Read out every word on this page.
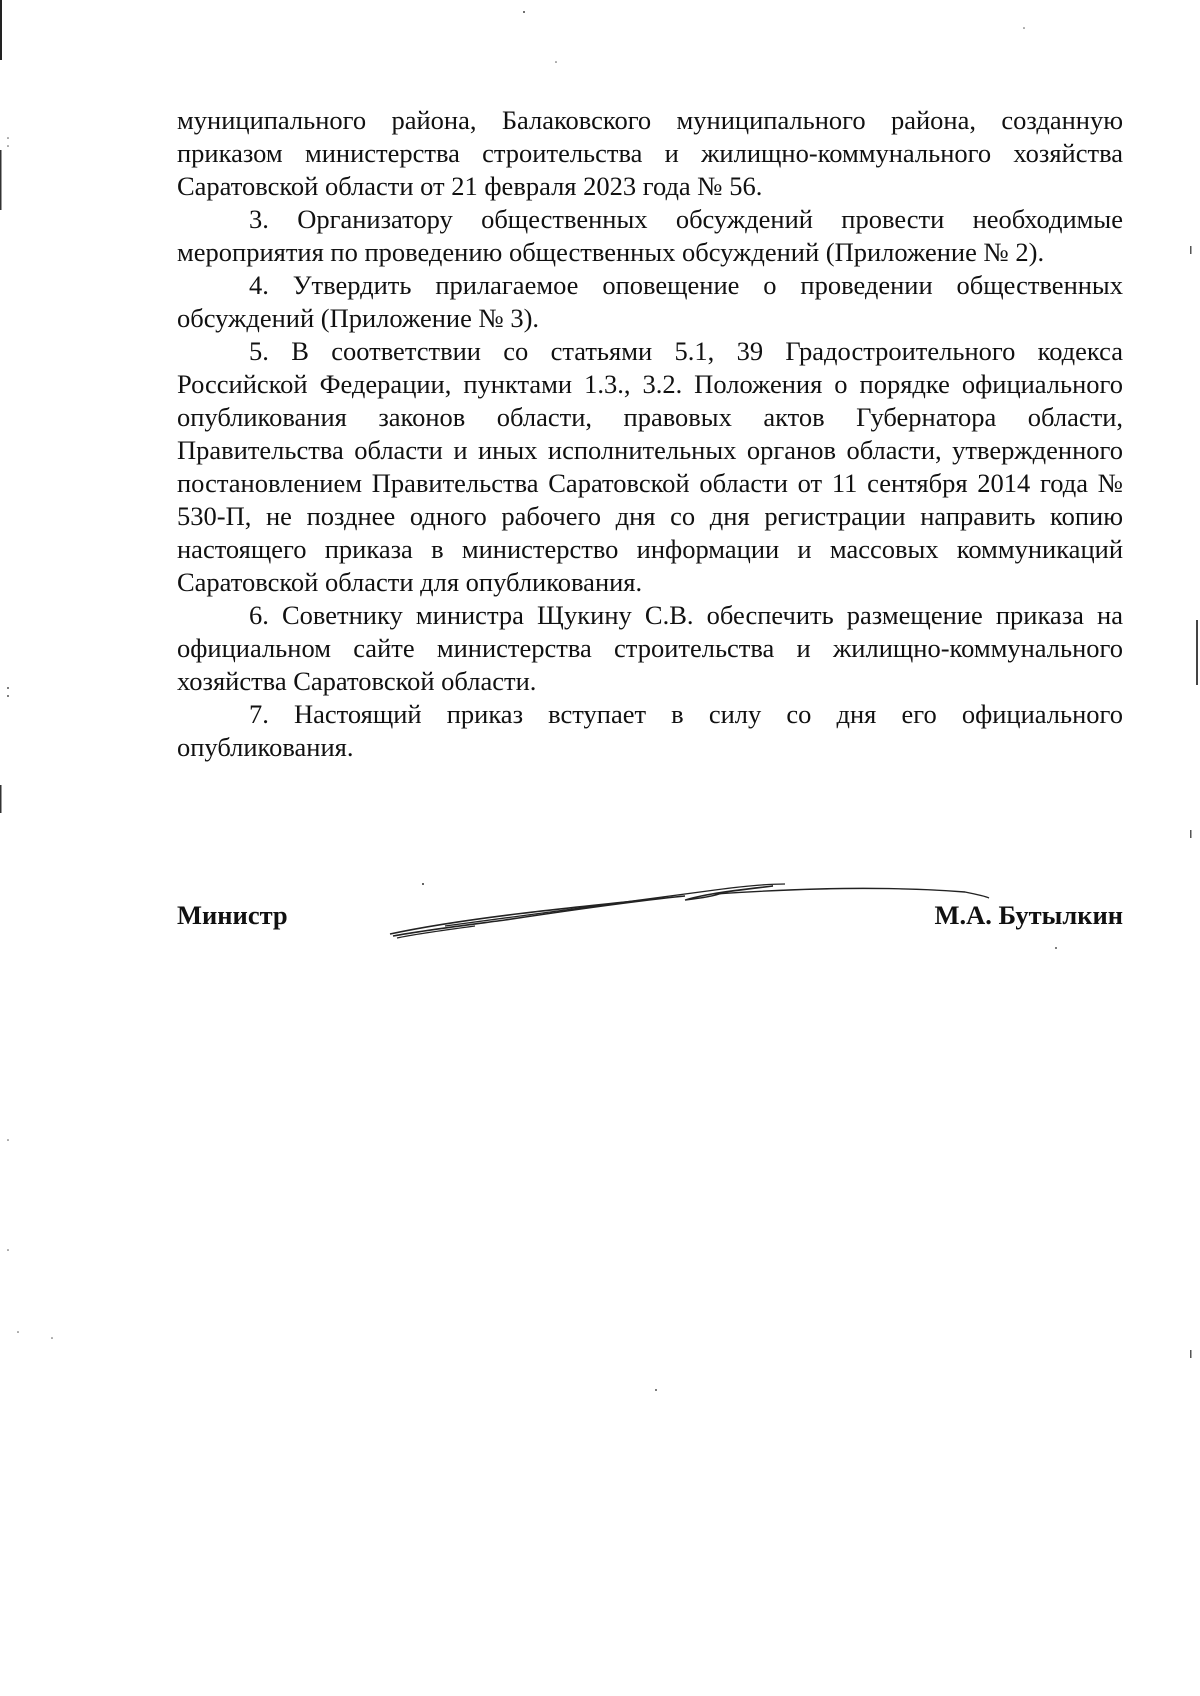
муниципального района, Балаковского муниципального района, созданную приказом министерства строительства и жилищно-коммунального хозяйства Саратовской области от 21 февраля 2023 года № 56.

3. Организатору общественных обсуждений провести необходимые мероприятия по проведению общественных обсуждений (Приложение № 2).

4. Утвердить прилагаемое оповещение о проведении общественных обсуждений (Приложение № 3).

5. В соответствии со статьями 5.1, 39 Градостроительного кодекса Российской Федерации, пунктами 1.3., 3.2. Положения о порядке официального опубликования законов области, правовых актов Губернатора области, Правительства области и иных исполнительных органов области, утвержденного постановлением Правительства Саратовской области от 11 сентября 2014 года № 530-П, не позднее одного рабочего дня со дня регистрации направить копию настоящего приказа в министерство информации и массовых коммуникаций Саратовской области для опубликования.

6. Советнику министра Щукину С.В. обеспечить размещение приказа на официальном сайте министерства строительства и жилищно-коммунального хозяйства Саратовской области.

7. Настоящий приказ вступает в силу со дня его официального опубликования.

Министр	М.А. Бутылкин
